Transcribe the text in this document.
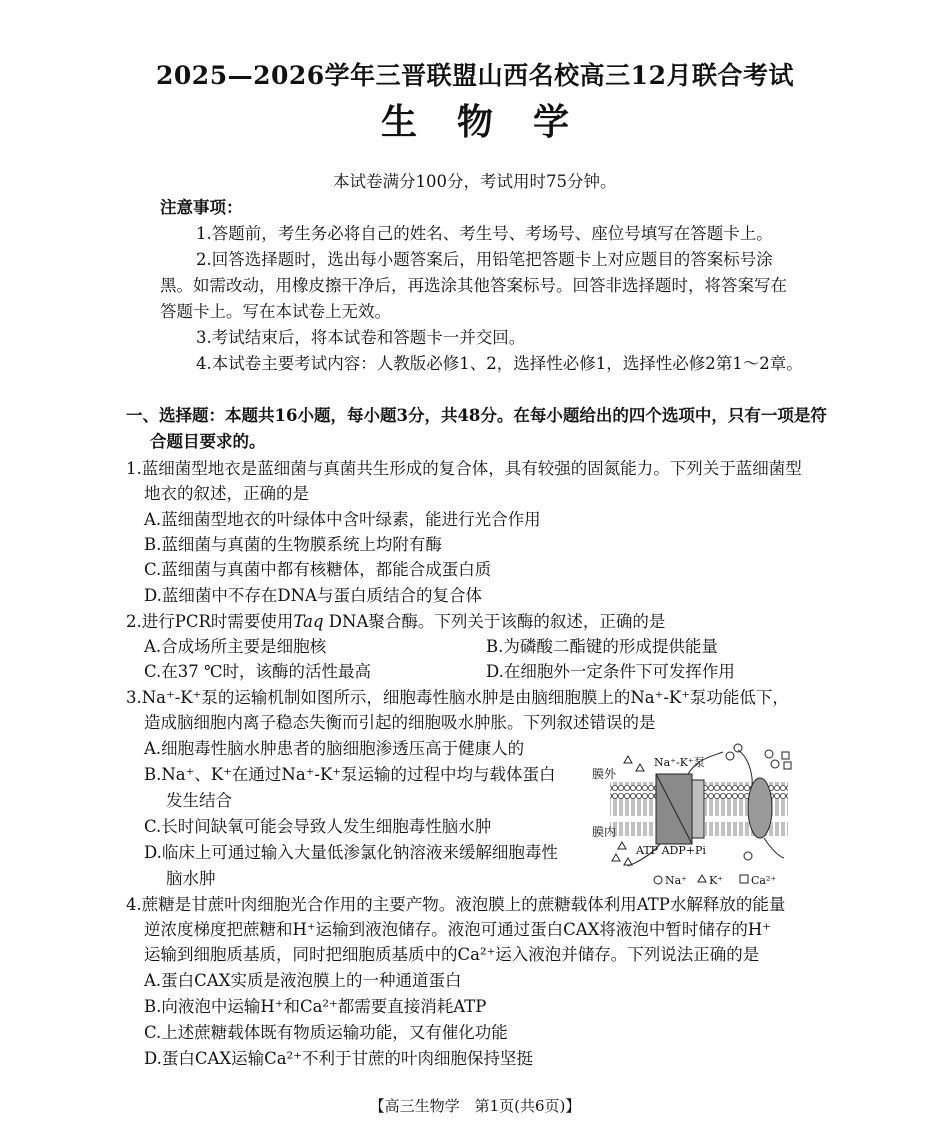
2025—2026学年三晋联盟山西名校高三12月联合考试
生物学
本试卷满分100分，考试用时75分钟。
注意事项：
1.答题前，考生务必将自己的姓名、考生号、考场号、座位号填写在答题卡上。
2.回答选择题时，选出每小题答案后，用铅笔把答题卡上对应题目的答案标号涂
黑。如需改动，用橡皮擦干净后，再选涂其他答案标号。回答非选择题时，将答案写在
答题卡上。写在本试卷上无效。
3.考试结束后，将本试卷和答题卡一并交回。
4.本试卷主要考试内容：人教版必修1、2，选择性必修1，选择性必修2第1～2章。
一、选择题：本题共16小题，每小题3分，共48分。在每小题给出的四个选项中，只有一项是符
合题目要求的。
1.蓝细菌型地衣是蓝细菌与真菌共生形成的复合体，具有较强的固氮能力。下列关于蓝细菌型
地衣的叙述，正确的是
A.蓝细菌型地衣的叶绿体中含叶绿素，能进行光合作用
B.蓝细菌与真菌的生物膜系统上均附有酶
C.蓝细菌与真菌中都有核糖体，都能合成蛋白质
D.蓝细菌中不存在DNA与蛋白质结合的复合体
2.进行PCR时需要使用Taq DNA聚合酶。下列关于该酶的叙述，正确的是
A.合成场所主要是细胞核	B.为磷酸二酯键的形成提供能量
C.在37 ℃时，该酶的活性最高	D.在细胞外一定条件下可发挥作用
3.Na⁺-K⁺泵的运输机制如图所示，细胞毒性脑水肿是由脑细胞膜上的Na⁺-K⁺泵功能低下，
造成脑细胞内离子稳态失衡而引起的细胞吸水肿胀。下列叙述错误的是
A.细胞毒性脑水肿患者的脑细胞渗透压高于健康人的
B.Na⁺、K⁺在通过Na⁺-K⁺泵运输的过程中均与载体蛋白
发生结合
C.长时间缺氧可能会导致人发生细胞毒性脑水肿
D.临床上可通过输入大量低渗氯化钠溶液来缓解细胞毒性
脑水肿
膜外
膜内
Na⁺-K⁺泵
ATP ADP+Pi
Na⁺ K⁺	Ca²⁺
4.蔗糖是甘蔗叶肉细胞光合作用的主要产物。液泡膜上的蔗糖载体利用ATP水解释放的能量
逆浓度梯度把蔗糖和H⁺运输到液泡储存。液泡可通过蛋白CAX将液泡中暂时储存的H⁺
运输到细胞质基质，同时把细胞质基质中的Ca²⁺运入液泡并储存。下列说法正确的是
A.蛋白CAX实质是液泡膜上的一种通道蛋白
B.向液泡中运输H⁺和Ca²⁺都需要直接消耗ATP
C.上述蔗糖载体既有物质运输功能，又有催化功能
D.蛋白CAX运输Ca²⁺不利于甘蔗的叶肉细胞保持坚挺
【高三生物学　第1页(共6页)】
